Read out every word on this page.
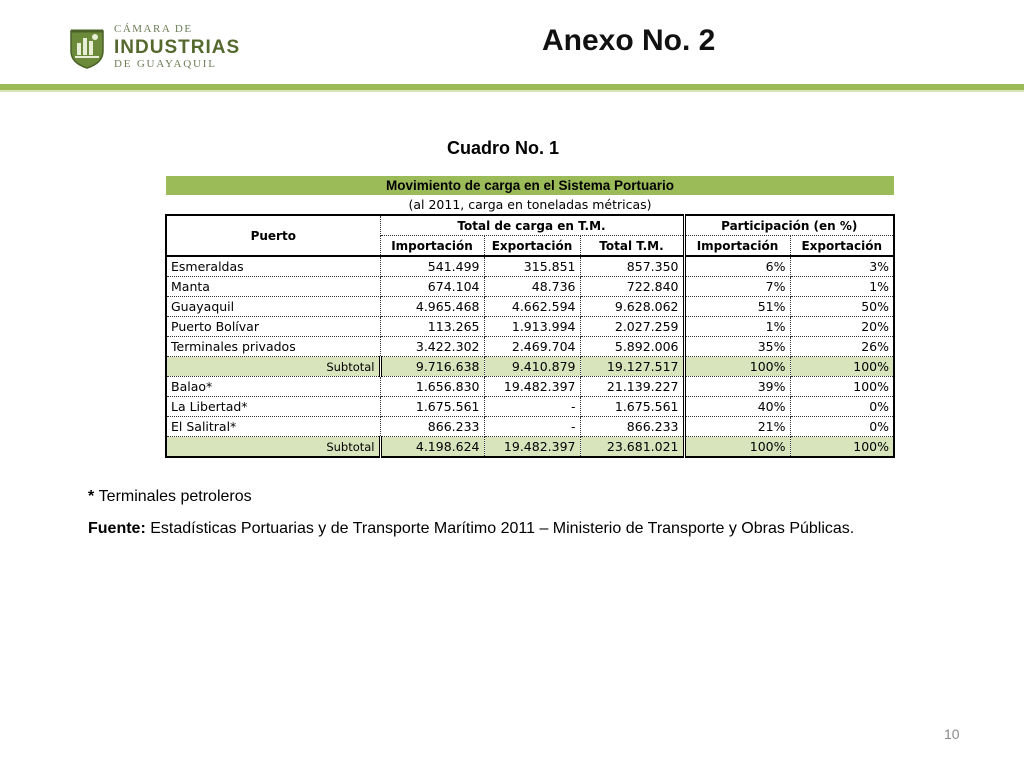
CÁMARA DE
INDUSTRIAS
DE GUAYAQUIL
Anexo No. 2
Cuadro No. 1
Movimiento de carga en el Sistema Portuario					
(al 2011, carga en toneladas métricas)					
Puerto	Total de carga en T.M.			Participación (en %)	
	Importación	Exportación	Total T.M.	Importación	Exportación
Esmeraldas	541.499	315.851	857.350	6%	3%
Manta	674.104	48.736	722.840	7%	1%
Guayaquil	4.965.468	4.662.594	9.628.062	51%	50%
Puerto Bolívar	113.265	1.913.994	2.027.259	1%	20%
Terminales privados	3.422.302	2.469.704	5.892.006	35%	26%
Subtotal	9.716.638	9.410.879	19.127.517	100%	100%
Balao*	1.656.830	19.482.397	21.139.227	39%	100%
La Libertad*	1.675.561	-	1.675.561	40%	0%
El Salitral*	866.233	-	866.233	21%	0%
Subtotal	4.198.624	19.482.397	23.681.021	100%	100%
* Terminales petroleros
Fuente: Estadísticas Portuarias y de Transporte Marítimo 2011 – Ministerio de Transporte y Obras Públicas.
10
